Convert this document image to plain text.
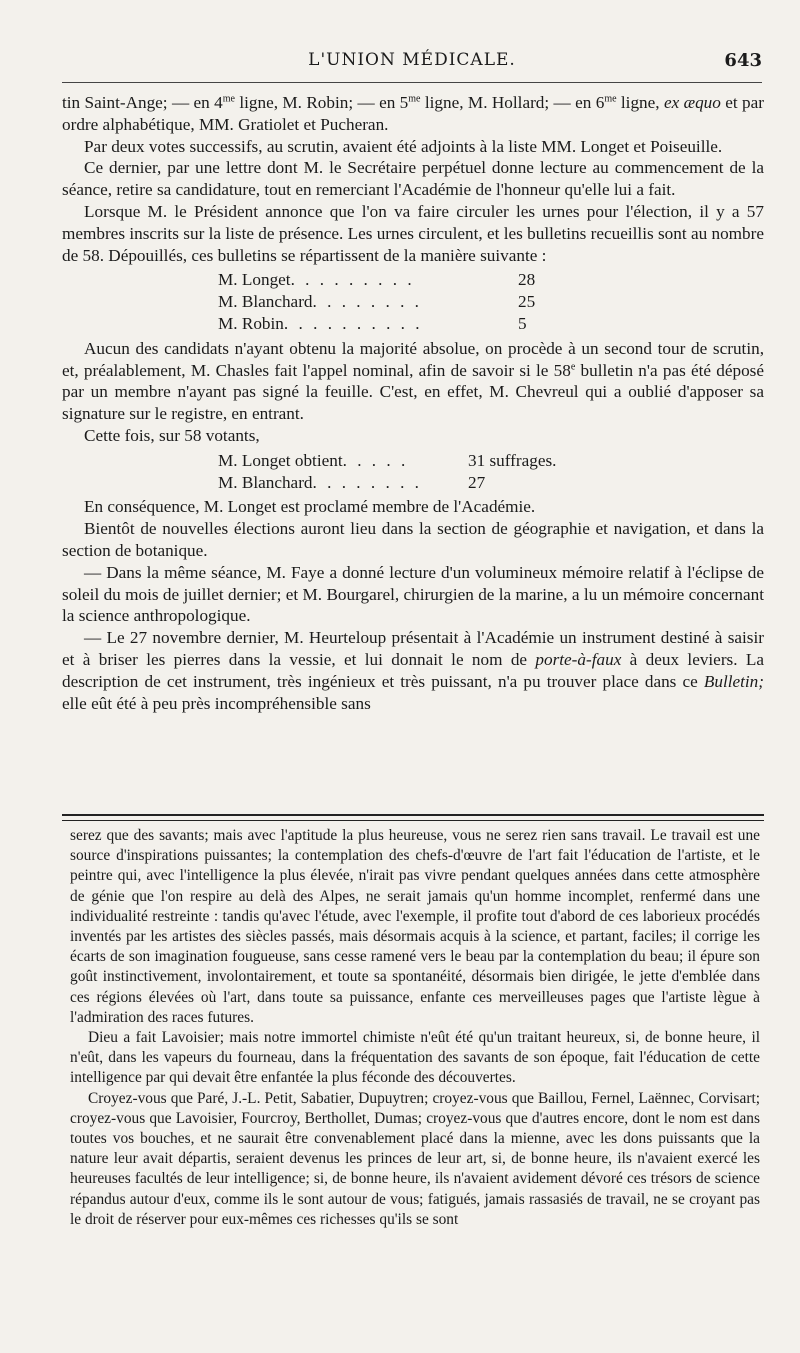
L'UNION MÉDICALE.	643

tin Saint-Ange; — en $4^{me}$ ligne, M. Robin; — en $5^{me}$ ligne, M. Hollard; — en $6^{me}$ ligne, ex æquo et par ordre alphabétique, MM. Gratiolet et Pucheran.

Par deux votes successifs, au scrutin, avaient été adjoints à la liste MM. Longet et Poiseuille.

Ce dernier, par une lettre dont M. le Secrétaire perpétuel donne lecture au commencement de la séance, retire sa candidature, tout en remerciant l'Académie de l'honneur qu'elle lui a fait.

Lorsque M. le Président annonce que l'on va faire circuler les urnes pour l'élection, il y a 57 membres inscrits sur la liste de présence. Les urnes circulent, et les bulletins recueillis sont au nombre de 58. Dépouillés, ces bulletins se répartissent de la manière suivante :

M. Longet . . . . . . . . .	28
M. Blanchard . . . . . . . .	25
M. Robin . . . . . . . . . .	5

Aucun des candidats n'ayant obtenu la majorité absolue, on procède à un second tour de scrutin, et, préalablement, M. Chasles fait l'appel nominal, afin de savoir si le 58e bulletin n'a pas été déposé par un membre n'ayant pas signé la feuille. C'est, en effet, M. Chevreul qui a oublié d'apposer sa signature sur le registre, en entrant.

Cette fois, sur 58 votants,

M. Longet obtient . . . . .	31 suffrages.
M. Blanchard . . . . . . . .	27

En conséquence, M. Longet est proclamé membre de l'Académie.

Bientôt de nouvelles élections auront lieu dans la section de géographie et navigation, et dans la section de botanique.

— Dans la même séance, M. Faye a donné lecture d'un volumineux mémoire relatif à l'éclipse de soleil du mois de juillet dernier; et M. Bourgarel, chirurgien de la marine, a lu un mémoire concernant la science anthropologique.

— Le 27 novembre dernier, M. Heurteloup présentait à l'Académie un instrument destiné à saisir et à briser les pierres dans la vessie, et lui donnait le nom de porte-à-faux à deux leviers. La description de cet instrument, très ingénieux et très puissant, n'a pu trouver place dans ce Bulletin; elle eût été à peu près incompréhensible sans

serez que des savants; mais avec l'aptitude la plus heureuse, vous ne serez rien sans travail. Le travail est une source d'inspirations puissantes; la contemplation des chefs-d'œuvre de l'art fait l'éducation de l'artiste, et le peintre qui, avec l'intelligence la plus élevée, n'irait pas vivre pendant quelques années dans cette atmosphère de génie que l'on respire au delà des Alpes, ne serait jamais qu'un homme incomplet, renfermé dans une individualité restreinte : tandis qu'avec l'étude, avec l'exemple, il profite tout d'abord de ces laborieux procédés inventés par les artistes des siècles passés, mais désormais acquis à la science, et partant, faciles; il corrige les écarts de son imagination fougueuse, sans cesse ramené vers le beau par la contemplation du beau; il épure son goût instinctivement, involontairement, et toute sa spontanéité, désormais bien dirigée, le jette d'emblée dans ces régions élevées où l'art, dans toute sa puissance, enfante ces merveilleuses pages que l'artiste lègue à l'admiration des races futures.

Dieu a fait Lavoisier; mais notre immortel chimiste n'eût été qu'un traitant heureux, si, de bonne heure, il n'eût, dans les vapeurs du fourneau, dans la fréquentation des savants de son époque, fait l'éducation de cette intelligence par qui devait être enfantée la plus féconde des découvertes.

Croyez-vous que Paré, J.-L. Petit, Sabatier, Dupuytren; croyez-vous que Baillou, Fernel, Laënnec, Corvisart; croyez-vous que Lavoisier, Fourcroy, Berthollet, Dumas; croyez-vous que d'autres encore, dont le nom est dans toutes vos bouches, et ne saurait être convenablement placé dans la mienne, avec les dons puissants que la nature leur avait départis, seraient devenus les princes de leur art, si, de bonne heure, ils n'avaient exercé les heureuses facultés de leur intelligence; si, de bonne heure, ils n'avaient avidement dévoré ces trésors de science répandus autour d'eux, comme ils le sont autour de vous; fatigués, jamais rassasiés de travail, ne se croyant pas le droit de réserver pour eux-mêmes ces richesses qu'ils se sont
